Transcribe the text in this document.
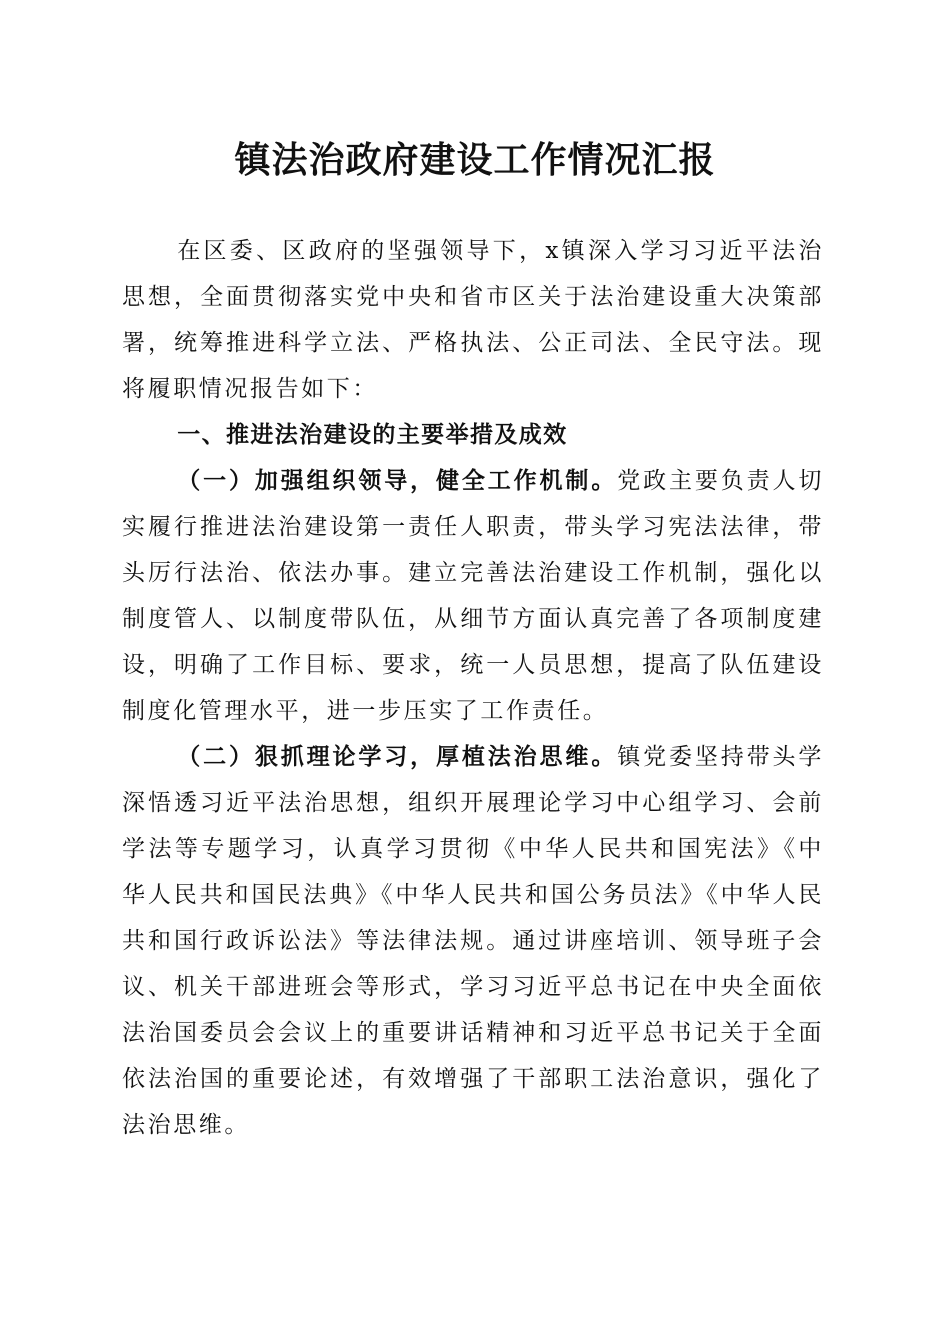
镇法治政府建设工作情况汇报

在区委、区政府的坚强领导下，x镇深入学习习近平法治思想，全面贯彻落实党中央和省市区关于法治建设重大决策部署，统筹推进科学立法、严格执法、公正司法、全民守法。现将履职情况报告如下：

一、推进法治建设的主要举措及成效

（一）加强组织领导，健全工作机制。党政主要负责人切实履行推进法治建设第一责任人职责，带头学习宪法法律，带头厉行法治、依法办事。建立完善法治建设工作机制，强化以制度管人、以制度带队伍，从细节方面认真完善了各项制度建设，明确了工作目标、要求，统一人员思想，提高了队伍建设制度化管理水平，进一步压实了工作责任。

（二）狠抓理论学习，厚植法治思维。镇党委坚持带头学深悟透习近平法治思想，组织开展理论学习中心组学习、会前学法等专题学习，认真学习贯彻《中华人民共和国宪法》《中华人民共和国民法典》《中华人民共和国公务员法》《中华人民共和国行政诉讼法》等法律法规。通过讲座培训、领导班子会议、机关干部进班会等形式，学习习近平总书记在中央全面依法治国委员会会议上的重要讲话精神和习近平总书记关于全面依法治国的重要论述，有效增强了干部职工法治意识，强化了法治思维。
